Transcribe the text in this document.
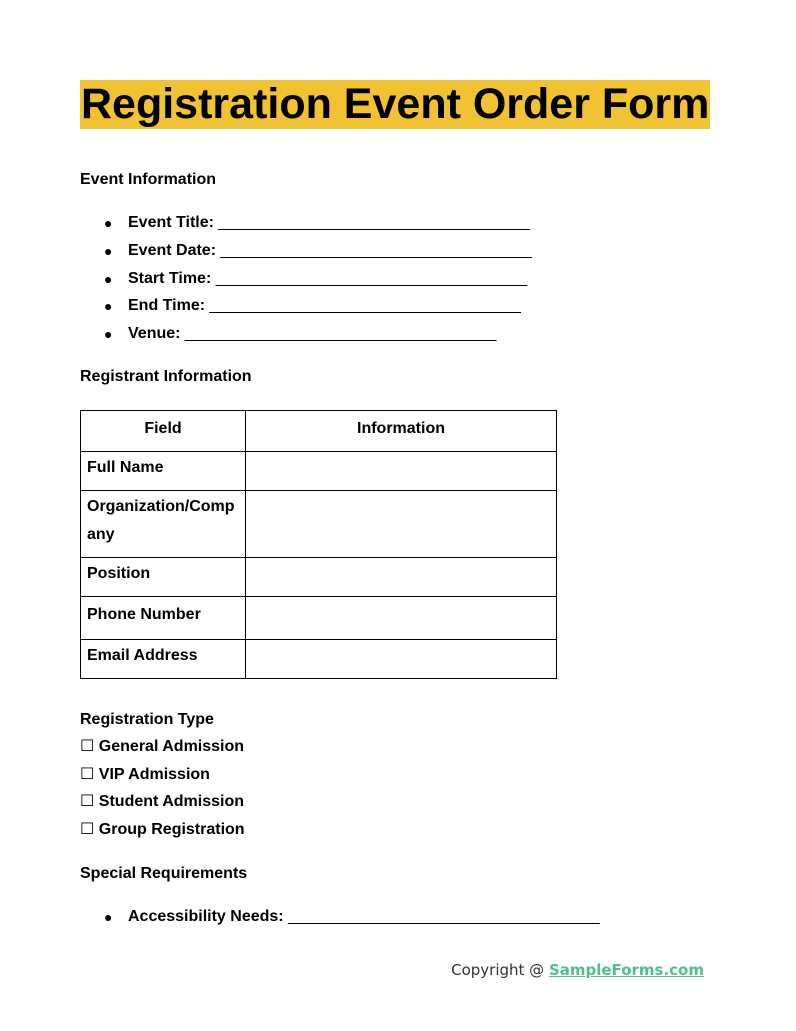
Registration Event Order Form
Event Information
● Event Title: ___________________________________
● Event Date: ___________________________________
● Start Time: ___________________________________
● End Time: ___________________________________
● Venue: ___________________________________
Registrant Information
Field	Information
Full Name	
Organization/Company	
Position	
Phone Number	
Email Address	
Registration Type
☐ General Admission
☐ VIP Admission
☐ Student Admission
☐ Group Registration
Special Requirements
● Accessibility Needs: ___________________________________
Copyright @ SampleForms.com
